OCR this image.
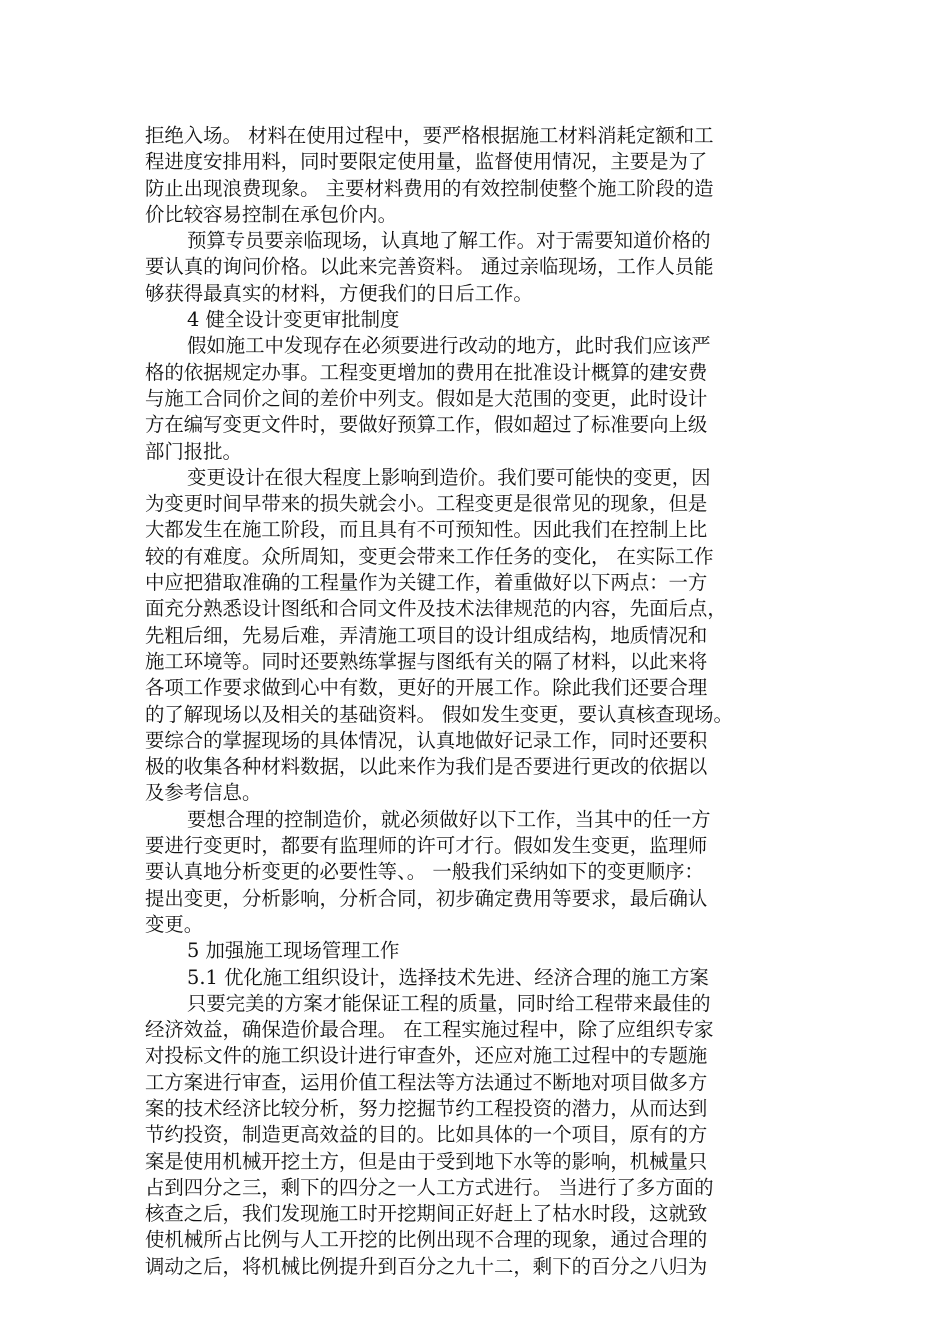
拒绝入场。 材料在使用过程中，要严格根据施工材料消耗定额和工
程进度安排用料，同时要限定使用量，监督使用情况，主要是为了
防止出现浪费现象。 主要材料费用的有效控制使整个施工阶段的造
价比较容易控制在承包价内。
预算专员要亲临现场，认真地了解工作。对于需要知道价格的
要认真的询问价格。以此来完善资料。 通过亲临现场，工作人员能
够获得最真实的材料，方便我们的日后工作。
4 健全设计变更审批制度
假如施工中发现存在必须要进行改动的地方，此时我们应该严
格的依据规定办事。工程变更增加的费用在批准设计概算的建安费
与施工合同价之间的差价中列支。假如是大范围的变更，此时设计
方在编写变更文件时，要做好预算工作，假如超过了标准要向上级
部门报批。
变更设计在很大程度上影响到造价。我们要可能快的变更，因
为变更时间早带来的损失就会小。工程变更是很常见的现象，但是
大都发生在施工阶段，而且具有不可预知性。因此我们在控制上比
较的有难度。众所周知，变更会带来工作任务的变化， 在实际工作
中应把猎取准确的工程量作为关键工作，着重做好以下两点：一方
面充分熟悉设计图纸和合同文件及技术法律规范的内容，先面后点，
先粗后细，先易后难，弄清施工项目的设计组成结构，地质情况和
施工环境等。同时还要熟练掌握与图纸有关的隔了材料，以此来将
各项工作要求做到心中有数，更好的开展工作。除此我们还要合理
的了解现场以及相关的基础资料。 假如发生变更，要认真核查现场。
要综合的掌握现场的具体情况，认真地做好记录工作，同时还要积
极的收集各种材料数据，以此来作为我们是否要进行更改的依据以
及参考信息。
要想合理的控制造价，就必须做好以下工作，当其中的任一方
要进行变更时，都要有监理师的许可才行。假如发生变更，监理师
要认真地分析变更的必要性等、。 一般我们采纳如下的变更顺序：
提出变更，分析影响，分析合同，初步确定费用等要求，最后确认
变更。
5 加强施工现场管理工作
5.1 优化施工组织设计，选择技术先进、经济合理的施工方案
只要完美的方案才能保证工程的质量，同时给工程带来最佳的
经济效益，确保造价最合理。 在工程实施过程中，除了应组织专家
对投标文件的施工织设计进行审查外，还应对施工过程中的专题施
工方案进行审查，运用价值工程法等方法通过不断地对项目做多方
案的技术经济比较分析，努力挖掘节约工程投资的潜力，从而达到
节约投资，制造更高效益的目的。比如具体的一个项目，原有的方
案是使用机械开挖土方，但是由于受到地下水等的影响，机械量只
占到四分之三，剩下的四分之一人工方式进行。 当进行了多方面的
核查之后，我们发现施工时开挖期间正好赶上了枯水时段，这就致
使机械所占比例与人工开挖的比例出现不合理的现象，通过合理的
调动之后，将机械比例提升到百分之九十二，剩下的百分之八归为
